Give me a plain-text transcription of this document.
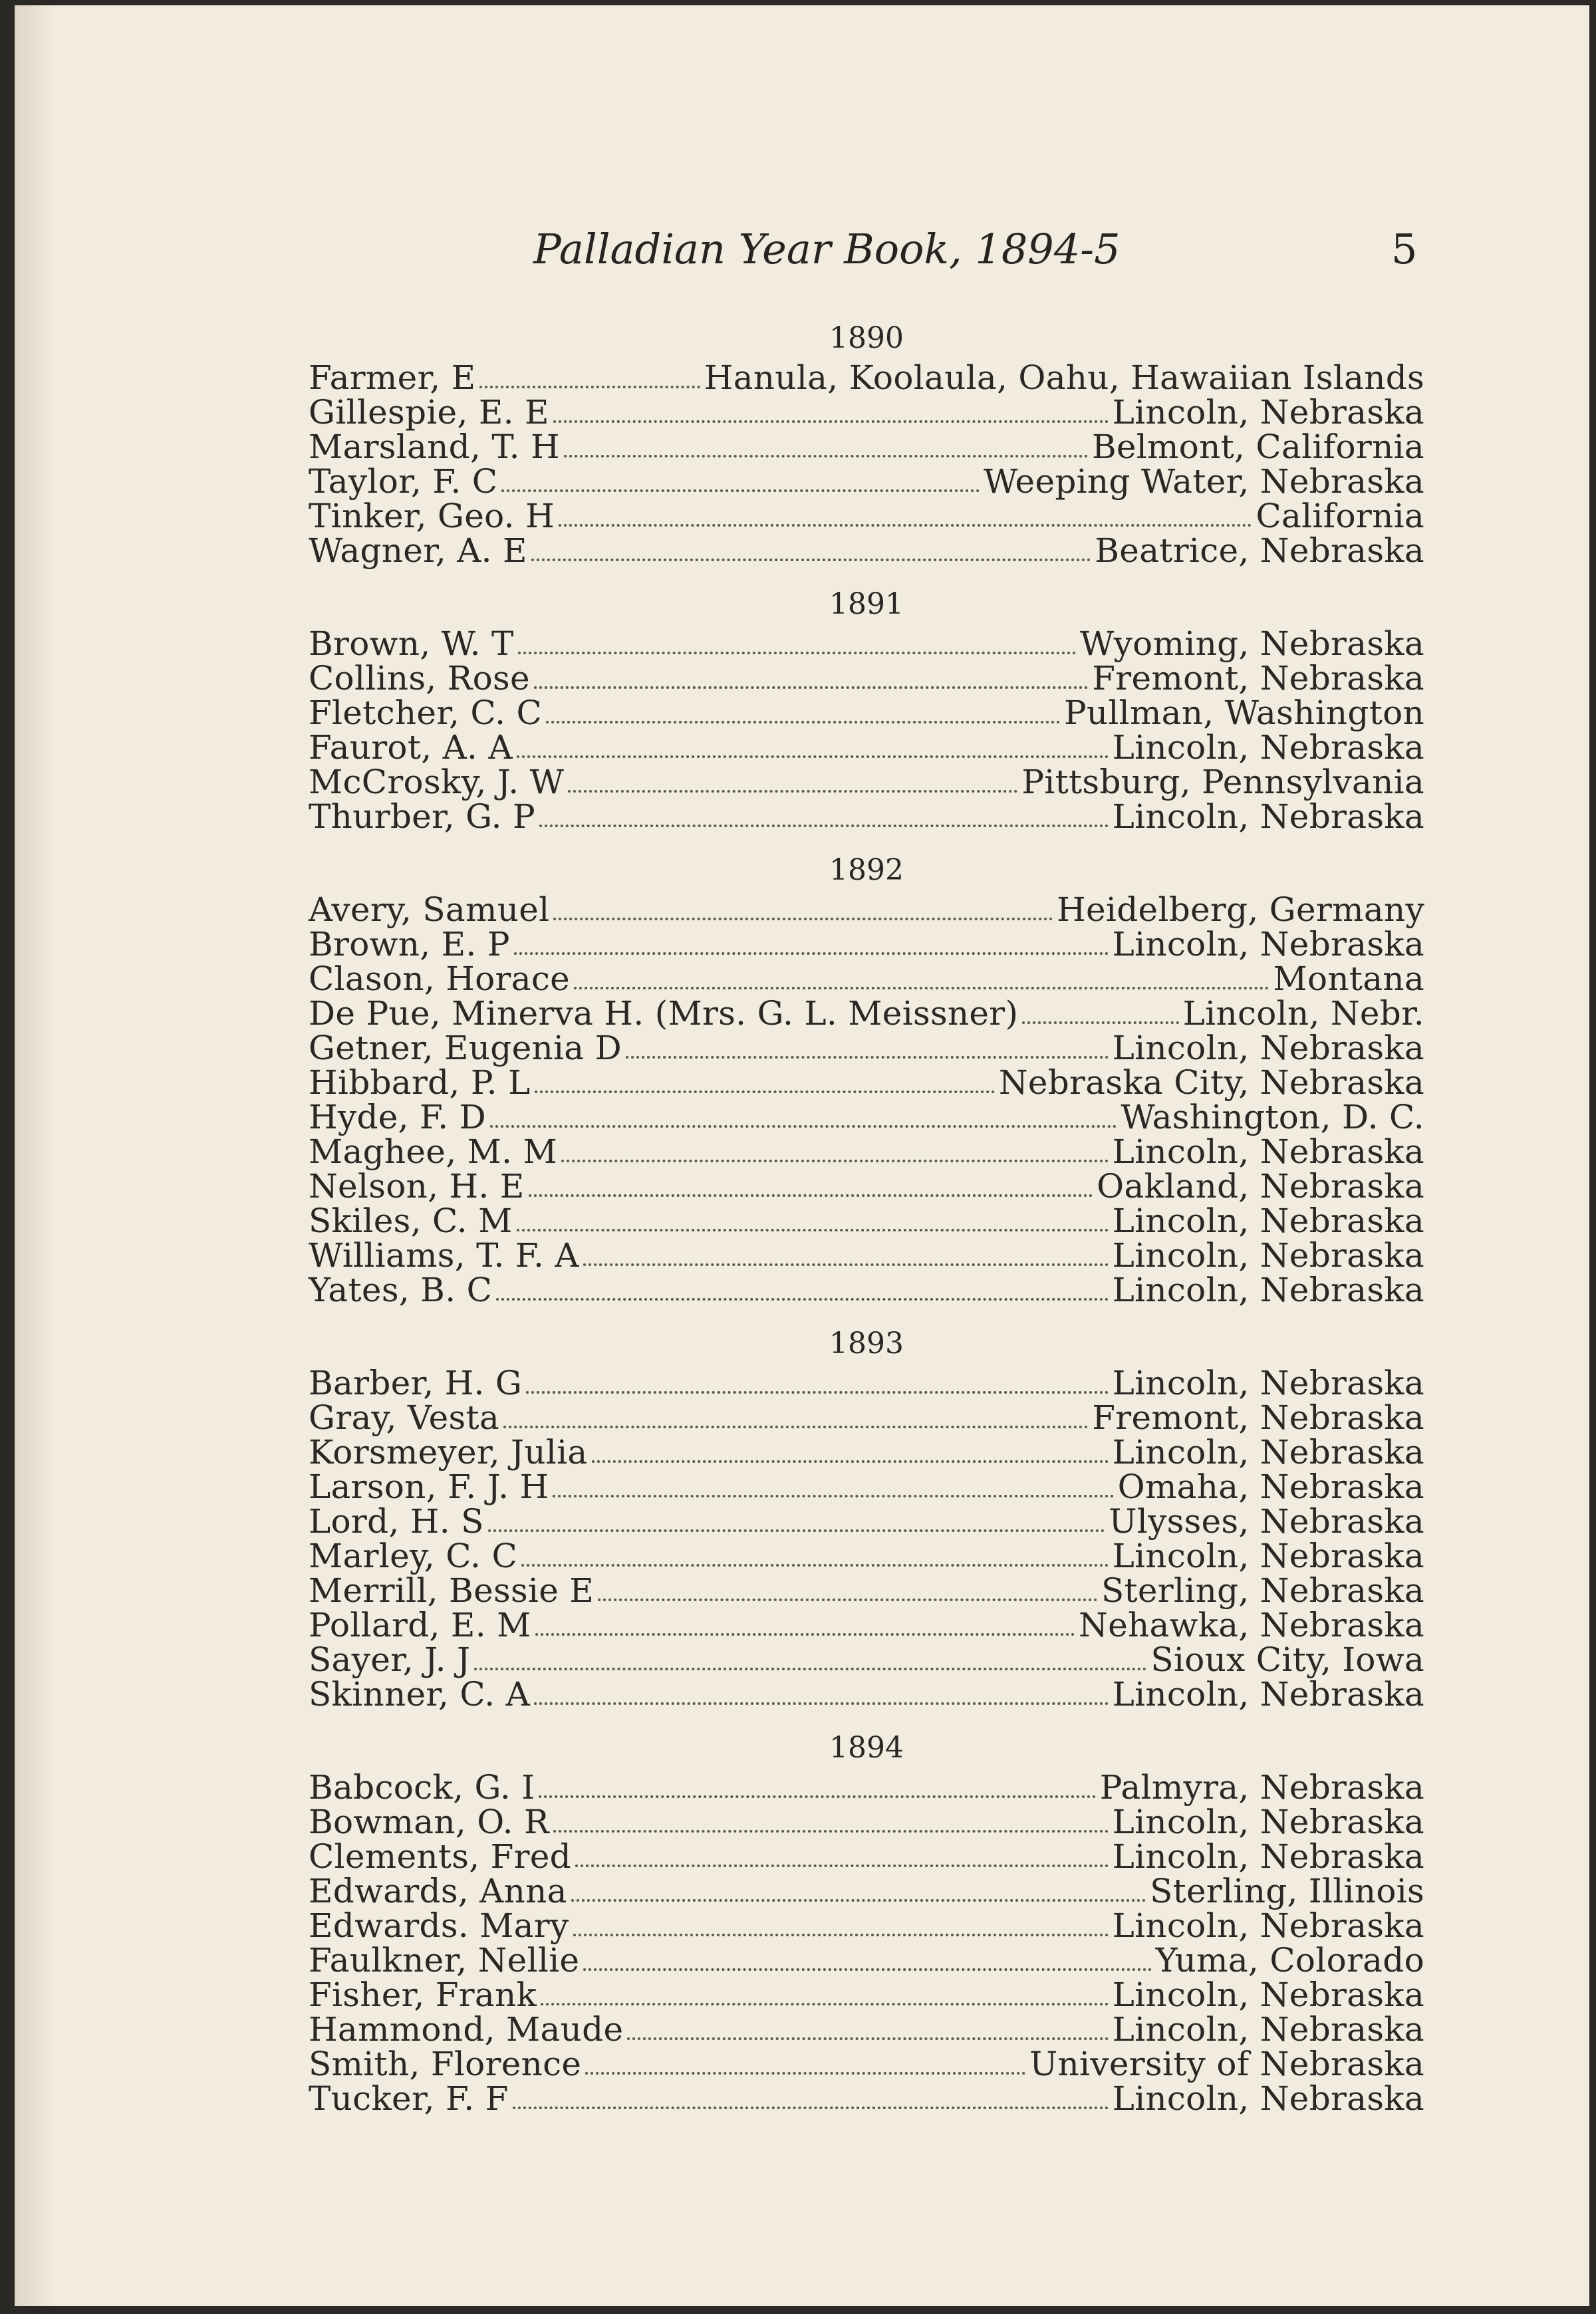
Palladian Year Book, 1894-5	5
1890
Farmer, E	Hanula, Koolaula, Oahu, Hawaiian Islands
Gillespie, E. E	Lincoln, Nebraska
Marsland, T. H	Belmont, California
Taylor, F. C	Weeping Water, Nebraska
Tinker, Geo. H	California
Wagner, A. E	Beatrice, Nebraska
1891
Brown, W. T	Wyoming, Nebraska
Collins, Rose	Fremont, Nebraska
Fletcher, C. C	Pullman, Washington
Faurot, A. A	Lincoln, Nebraska
McCrosky, J. W	Pittsburg, Pennsylvania
Thurber, G. P	Lincoln, Nebraska
1892
Avery, Samuel	Heidelberg, Germany
Brown, E. P	Lincoln, Nebraska
Clason, Horace	Montana
De Pue, Minerva H. (Mrs. G. L. Meissner)	Lincoln, Nebr.
Getner, Eugenia D	Lincoln, Nebraska
Hibbard, P. L	Nebraska City, Nebraska
Hyde, F. D	Washington, D. C.
Maghee, M. M	Lincoln, Nebraska
Nelson, H. E	Oakland, Nebraska
Skiles, C. M	Lincoln, Nebraska
Williams, T. F. A	Lincoln, Nebraska
Yates, B. C	Lincoln, Nebraska
1893
Barber, H. G	Lincoln, Nebraska
Gray, Vesta	Fremont, Nebraska
Korsmeyer, Julia	Lincoln, Nebraska
Larson, F. J. H	Omaha, Nebraska
Lord, H. S	Ulysses, Nebraska
Marley, C. C	Lincoln, Nebraska
Merrill, Bessie E	Sterling, Nebraska
Pollard, E. M	Nehawka, Nebraska
Sayer, J. J	Sioux City, Iowa
Skinner, C. A	Lincoln, Nebraska
1894
Babcock, G. I	Palmyra, Nebraska
Bowman, O. R	Lincoln, Nebraska
Clements, Fred	Lincoln, Nebraska
Edwards, Anna	Sterling, Illinois
Edwards. Mary	Lincoln, Nebraska
Faulkner, Nellie	Yuma, Colorado
Fisher, Frank	Lincoln, Nebraska
Hammond, Maude	Lincoln, Nebraska
Smith, Florence	University of Nebraska
Tucker, F. F	Lincoln, Nebraska
